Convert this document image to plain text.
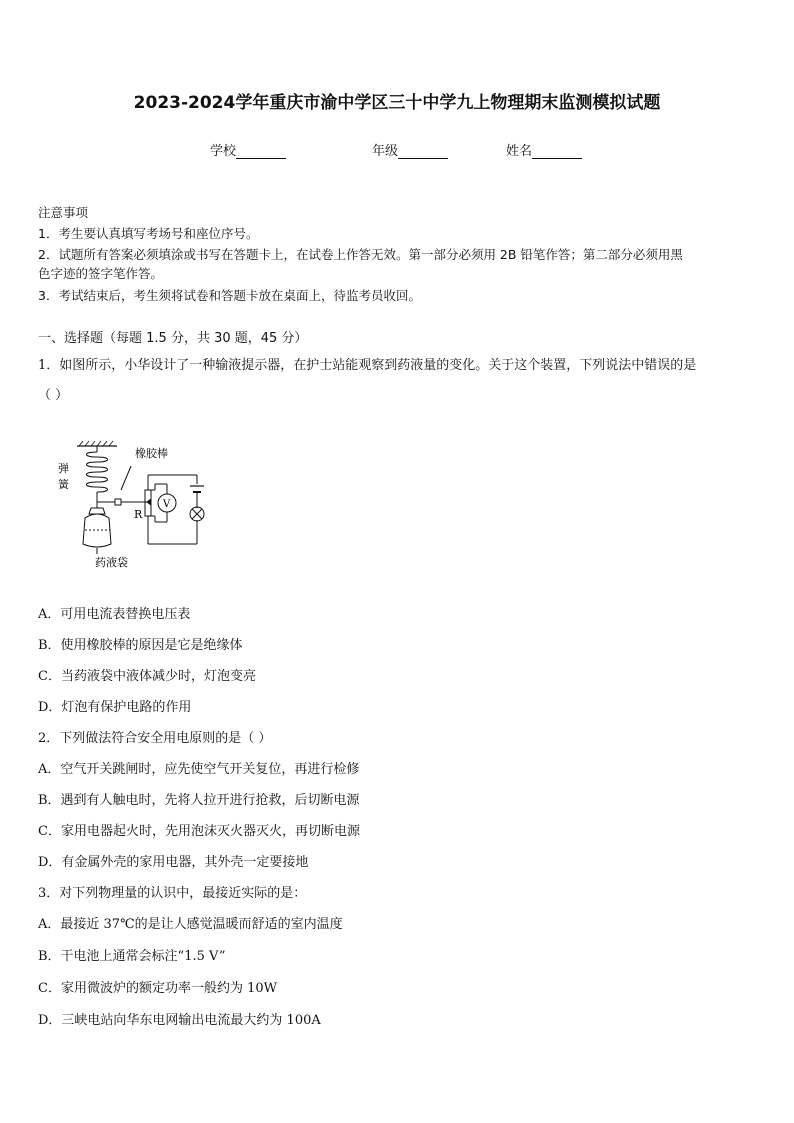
2023-2024学年重庆市渝中学区三十中学九上物理期末监测模拟试题
学校	年级	姓名
注意事项
1．考生要认真填写考场号和座位序号。
2．试题所有答案必须填涂或书写在答题卡上，在试卷上作答无效。第一部分必须用 2B 铅笔作答；第二部分必须用黑
色字迹的签字笔作答。
3．考试结束后，考生须将试卷和答题卡放在桌面上，待监考员收回。
一、选择题（每题 1.5 分，共 30 题，45 分）
1．如图所示，小华设计了一种输液提示器，在护士站能观察到药液量的变化。关于这个装置，下列说法中错误的是
（ ）
弹
簧
药液袋
橡胶棒
R
V
A．可用电流表替换电压表
B．使用橡胶棒的原因是它是绝缘体
C．当药液袋中液体减少时，灯泡变亮
D．灯泡有保护电路的作用
2．下列做法符合安全用电原则的是（ ）
A．空气开关跳闸时，应先使空气开关复位，再进行检修
B．遇到有人触电时，先将人拉开进行抢救，后切断电源
C．家用电器起火时，先用泡沫灭火器灭火，再切断电源
D．有金属外壳的家用电器，其外壳一定要接地
3．对下列物理量的认识中，最接近实际的是：
A．最接近 37℃的是让人感觉温暖而舒适的室内温度
B．干电池上通常会标注“1.5 V”
C．家用微波炉的额定功率一般约为 10W
D．三峡电站向华东电网输出电流最大约为 100A
